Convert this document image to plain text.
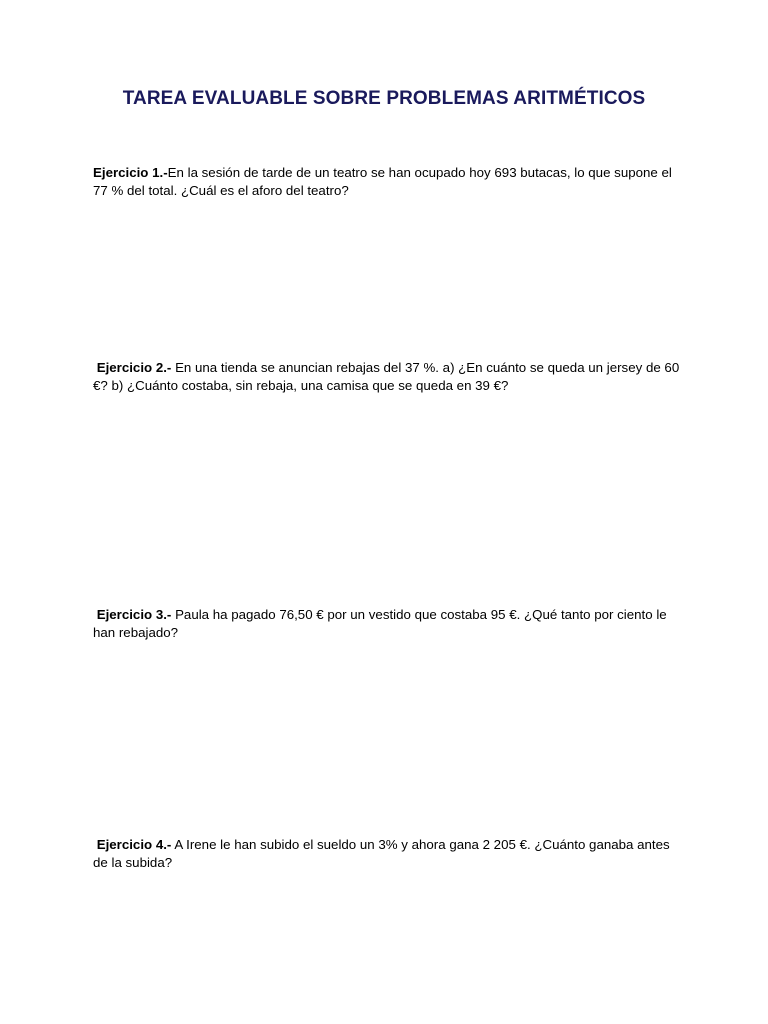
TAREA EVALUABLE SOBRE PROBLEMAS ARITMÉTICOS

Ejercicio 1.-En la sesión de tarde de un teatro se han ocupado hoy 693 butacas, lo que supone el 77 % del total. ¿Cuál es el aforo del teatro?

Ejercicio 2.- En una tienda se anuncian rebajas del 37 %. a) ¿En cuánto se queda un jersey de 60 €? b) ¿Cuánto costaba, sin rebaja, una camisa que se queda en 39 €?

Ejercicio 3.- Paula ha pagado 76,50 € por un vestido que costaba 95 €. ¿Qué tanto por ciento le han rebajado?

Ejercicio 4.- A Irene le han subido el sueldo un 3% y ahora gana 2 205 €. ¿Cuánto ganaba antes de la subida?
